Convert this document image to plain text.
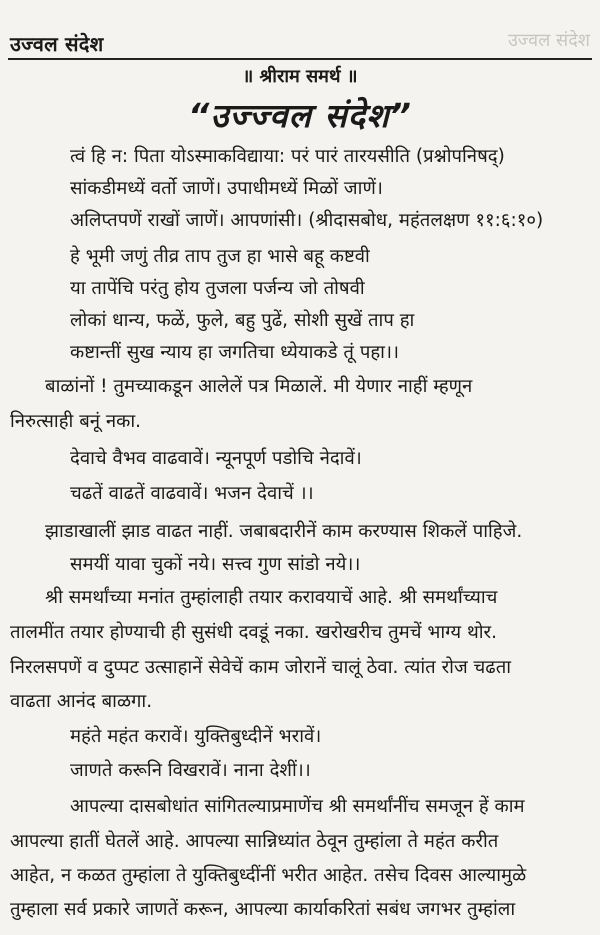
उज्वल संदेश	उज्वल संदेश
॥ श्रीराम समर्थ ॥
“उज्ज्वल संदेश”
त्वं हि न: पिता योऽस्माकविद्याया: परं पारं तारयसीति (प्रश्नोपनिषद्)
सांकडीमध्यें वर्तो जाणें। उपाधीमध्यें मिळों जाणें।
अलिप्तपणें राखों जाणें। आपणांसी। (श्रीदासबोध, महंतलक्षण ११:६:१०)
हे भूमी जणुं तीव्र ताप तुज हा भासे बहू कष्टवी
या तापेंचि परंतु होय तुजला पर्जन्य जो तोषवी
लोकां धान्य, फळें, फुले, बहु पुढें, सोशी सुखें ताप हा
कष्टान्तीं सुख न्याय हा जगतिचा ध्येयाकडे तूं पहा।।
बाळांनों ! तुमच्याकडून आलेलें पत्र मिळालें. मी येणार नाहीं म्हणून
निरुत्साही बनूं नका.
देवाचे वैभव वाढवावें। न्यूनपूर्ण पडोचि नेदावें।
चढतें वाढतें वाढवावें। भजन देवाचें ।।
झाडाखालीं झाड वाढत नाहीं. जबाबदारीनें काम करण्यास शिकलें पाहिजे.
समयीं यावा चुकों नये। सत्त्व गुण सांडो नये।।
श्री समर्थांच्या मनांत तुम्हांलाही तयार करावयाचें आहे. श्री समर्थांच्याच
तालमींत तयार होण्याची ही सुसंधी दवडूं नका. खरोखरीच तुमचें भाग्य थोर.
निरलसपणें व दुप्पट उत्साहानें सेवेचें काम जोरानें चालूं ठेवा. त्यांत रोज चढता
वाढता आनंद बाळगा.
महंते महंत करावें। युक्तिबुध्दीनें भरावें।
जाणते करूनि विखरावें। नाना देशीं।।
आपल्या दासबोधांत सांगितल्याप्रमाणेंच श्री समर्थांनींच समजून हें काम
आपल्या हातीं घेतलें आहे. आपल्या सान्निध्यांत ठेवून तुम्हांला ते महंत करीत
आहेत, न कळत तुम्हांला ते युक्तिबुध्दींनीं भरीत आहेत. तसेच दिवस आल्यामुळे
तुम्हाला सर्व प्रकारे जाणतें करून, आपल्या कार्याकरितां सबंध जगभर तुम्हांला
